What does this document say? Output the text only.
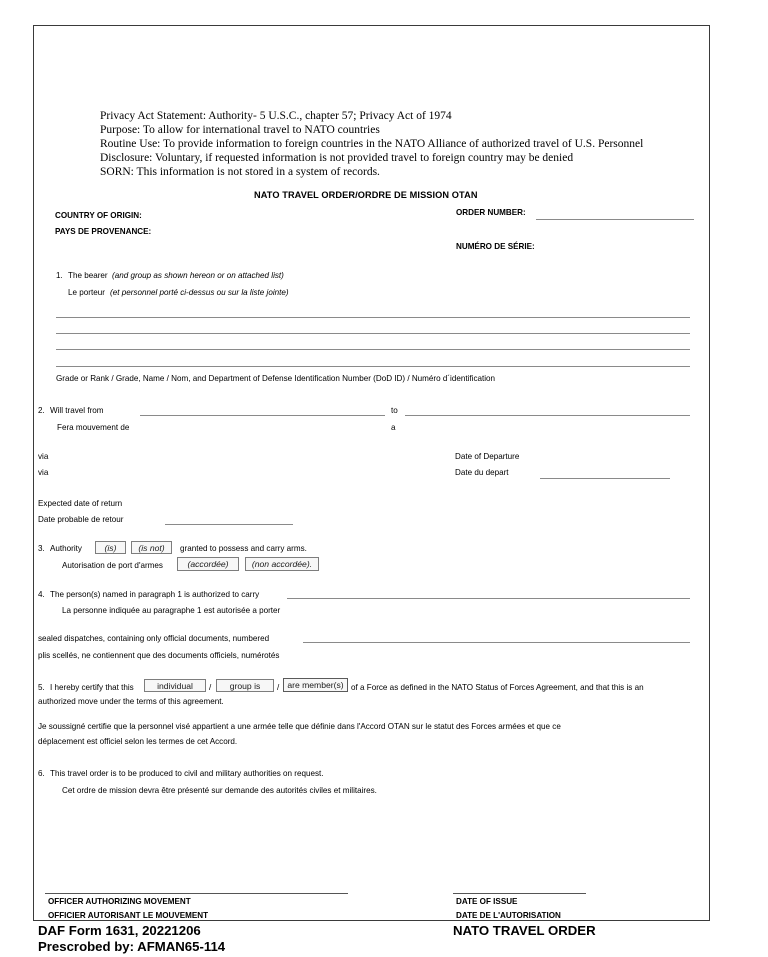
Privacy Act Statement: Authority- 5 U.S.C., chapter 57; Privacy Act of 1974
Purpose: To allow for international travel to NATO countries
Routine Use: To provide information to foreign countries in the NATO Alliance of authorized travel of U.S. Personnel
Disclosure: Voluntary, if requested information is not provided travel to foreign country may be denied
SORN: This information is not stored in a system of records.
NATO TRAVEL ORDER/ORDRE DE MISSION OTAN
COUNTRY OF ORIGIN:
PAYS DE PROVENANCE:
ORDER NUMBER:
NUMÉRO DE SÉRIE:
1. The bearer (and group as shown hereon or on attached list)
Le porteur (et personnel porté ci-dessus ou sur la liste jointe)
Grade or Rank / Grade, Name / Nom, and Department of Defense Identification Number (DoD ID) / Numéro d´identification
2. Will travel from	to
Fera mouvement de	a
via
via
Date of Departure
Date du depart
Expected date of return
Date probable de retour
3. Authority	(is)	(is not)	granted to possess and carry arms.
Autorisation de port d'armes	(accordée)	(non accordée).
4. The person(s) named in paragraph 1 is authorized to carry
La personne indiquée au paragraphe 1 est autorisée a porter
sealed dispatches, containing only official documents, numbered
plis scellés, ne contiennent que des documents officiels, numérotés
5. I hereby certify that this	individual	/	group is	/ are member(s) of a Force as defined in the NATO Status of Forces Agreement, and that this is an
authorized move under the terms of this agreement.
Je soussigné certifie que la personnel visé appartient a une armée telle que définie dans l'Accord OTAN sur le statut des Forces armées et que ce
déplacement est officiel selon les termes de cet Accord.
6. This travel order is to be produced to civil and military authorities on request.
Cet ordre de mission devra être présenté sur demande des autorités civiles et militaires.
OFFICER AUTHORIZING MOVEMENT
OFFICIER AUTORISANT LE MOUVEMENT
DATE OF ISSUE
DATE DE L'AUTORISATION
DAF Form 1631, 20221206
Prescrobed by: AFMAN65-114
NATO TRAVEL ORDER
